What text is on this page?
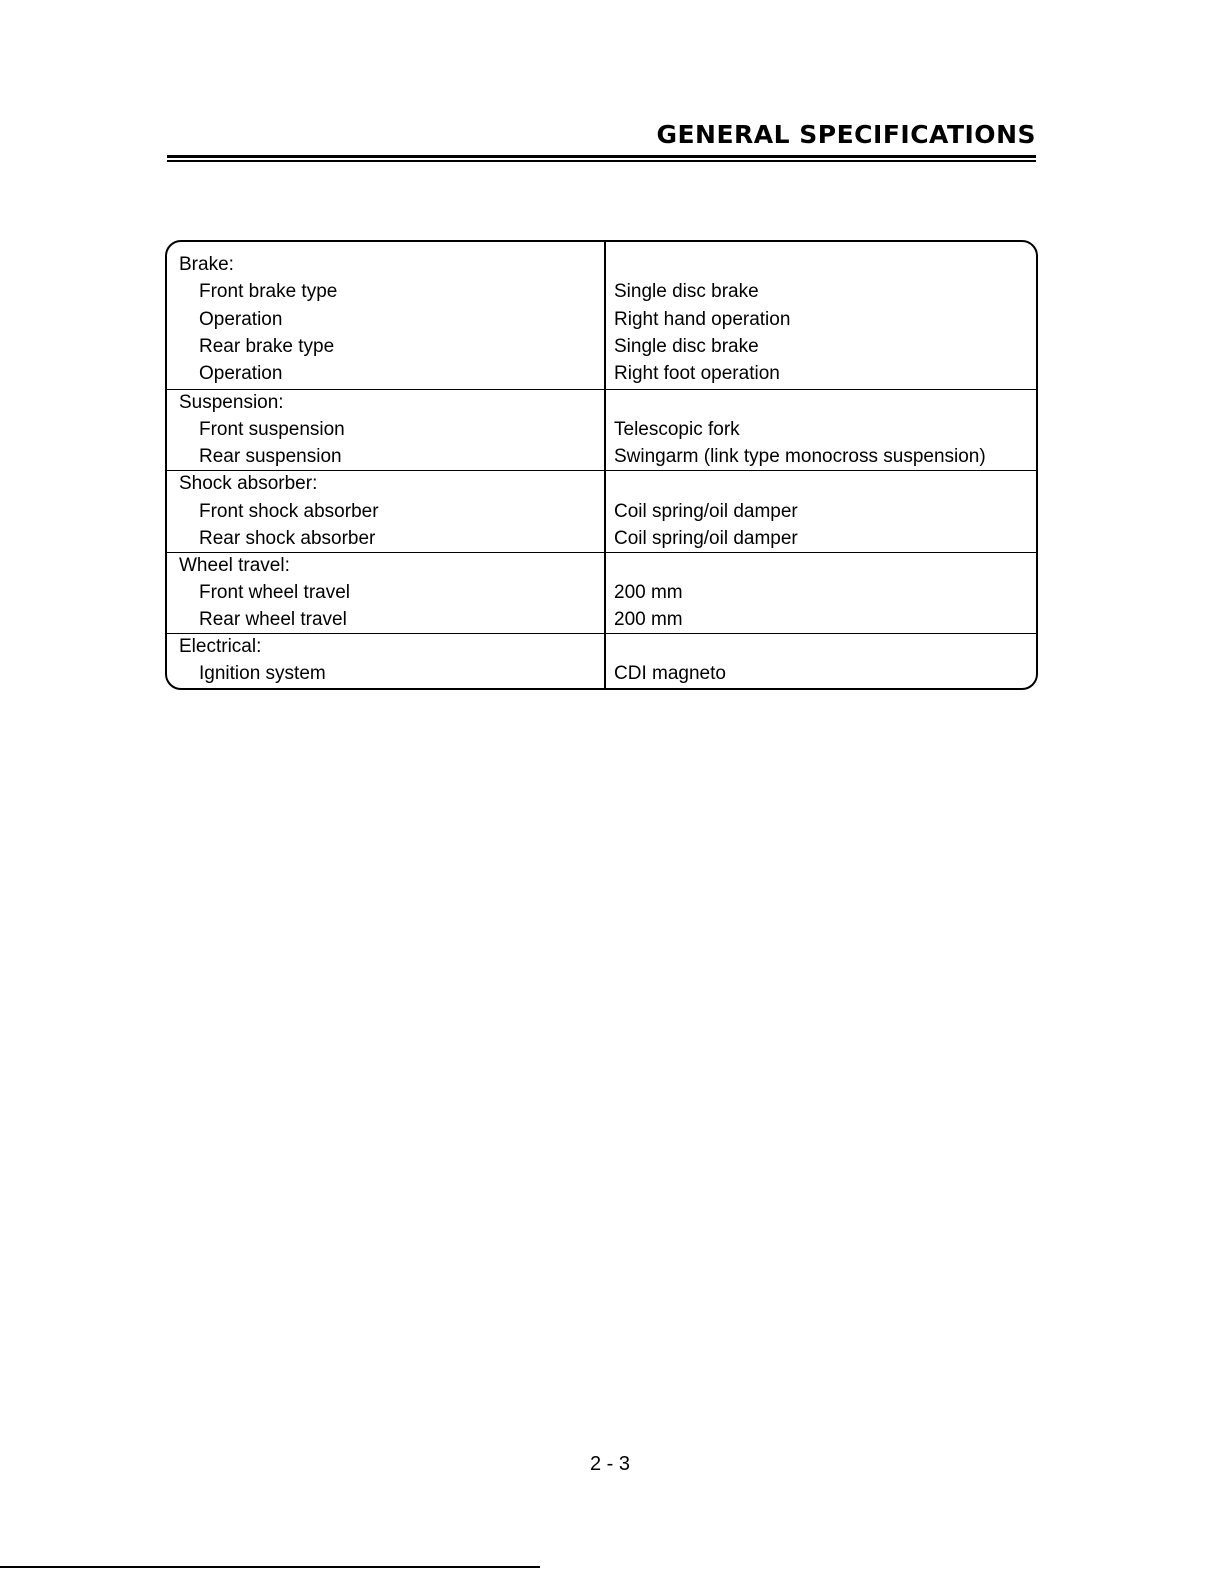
GENERAL SPECIFICATIONS
Brake:
Front brake type	Single disc brake
Operation	Right hand operation
Rear brake type	Single disc brake
Operation	Right foot operation
Suspension:
Front suspension	Telescopic fork
Rear suspension	Swingarm (link type monocross suspension)
Shock absorber:
Front shock absorber	Coil spring/oil damper
Rear shock absorber	Coil spring/oil damper
Wheel travel:
Front wheel travel	200 mm
Rear wheel travel	200 mm
Electrical:
Ignition system	CDI magneto
2 - 3
